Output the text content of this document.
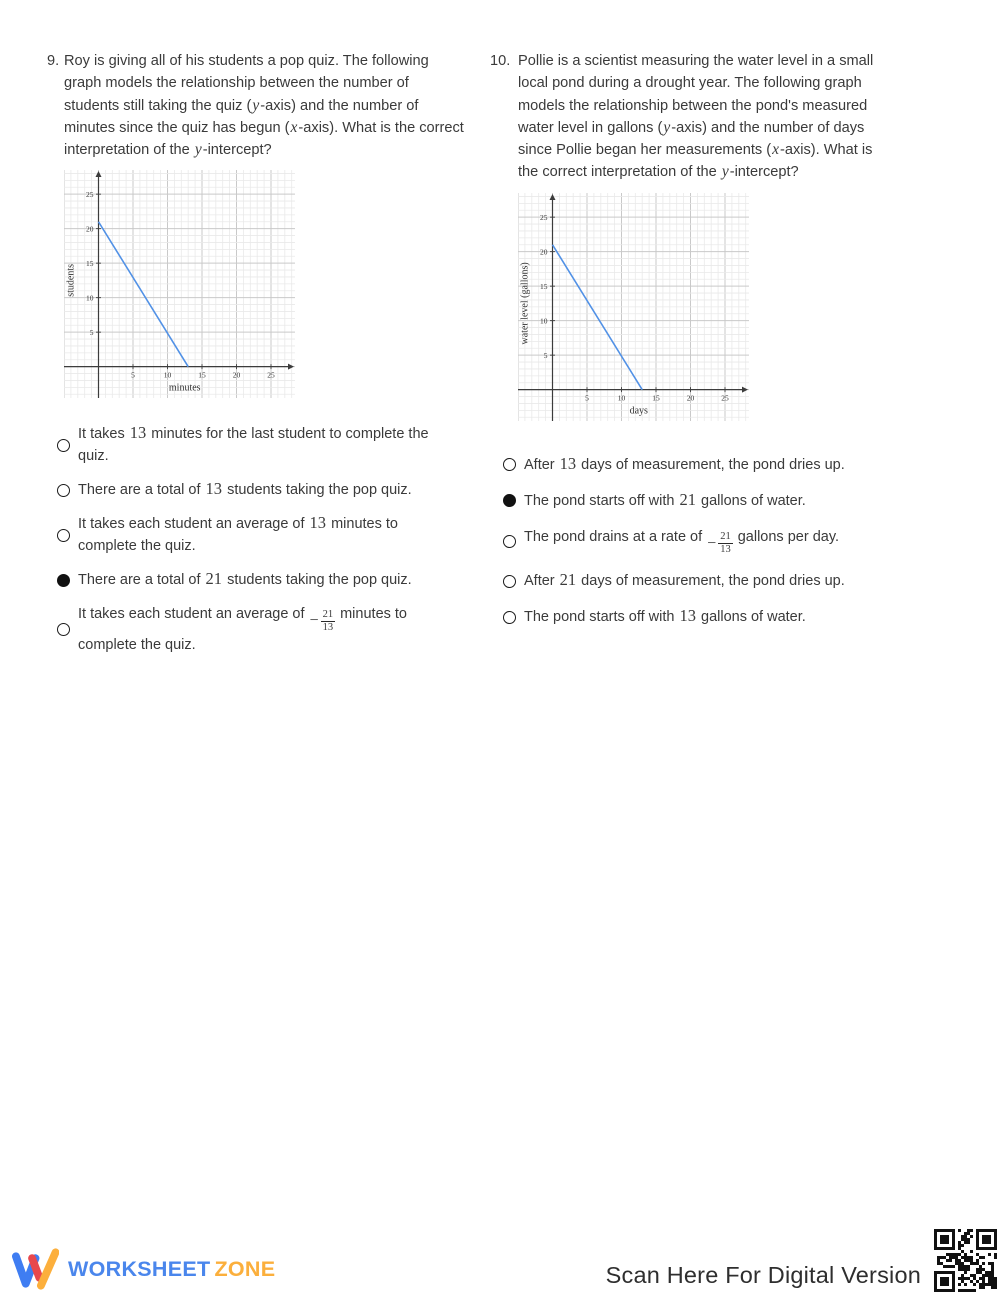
9. Roy is giving all of his students a pop quiz. The following graph models the relationship between the number of students still taking the quiz (y-axis) and the number of minutes since the quiz has begun (x-axis). What is the correct interpretation of the y-intercept?

5	10	15	20	25
5
10
15
20
25
minutes
students
It takes 13 minutes for the last student to complete the quiz.
There are a total of 13 students taking the pop quiz.
It takes each student an average of 13 minutes to complete the quiz.
There are a total of 21 students taking the pop quiz.
It takes each student an average of − $\frac{21}{13}$ minutes to complete the quiz.
10. Pollie is a scientist measuring the water level in a small local pond during a drought year. The following graph models the relationship between the pond's measured water level in gallons (y-axis) and the number of days since Pollie began her measurements (x-axis). What is the correct interpretation of the y-intercept?

5	10	15	20	25
5
10
15
20
25
days
water level (gallons)
After 13 days of measurement, the pond dries up.
The pond starts off with 21 gallons of water.
The pond drains at a rate of − $\frac{21}{13}$ gallons per day.
After 21 days of measurement, the pond dries up.
The pond starts off with 13 gallons of water.
WORKSHEET ZONE	Scan Here For Digital Version
